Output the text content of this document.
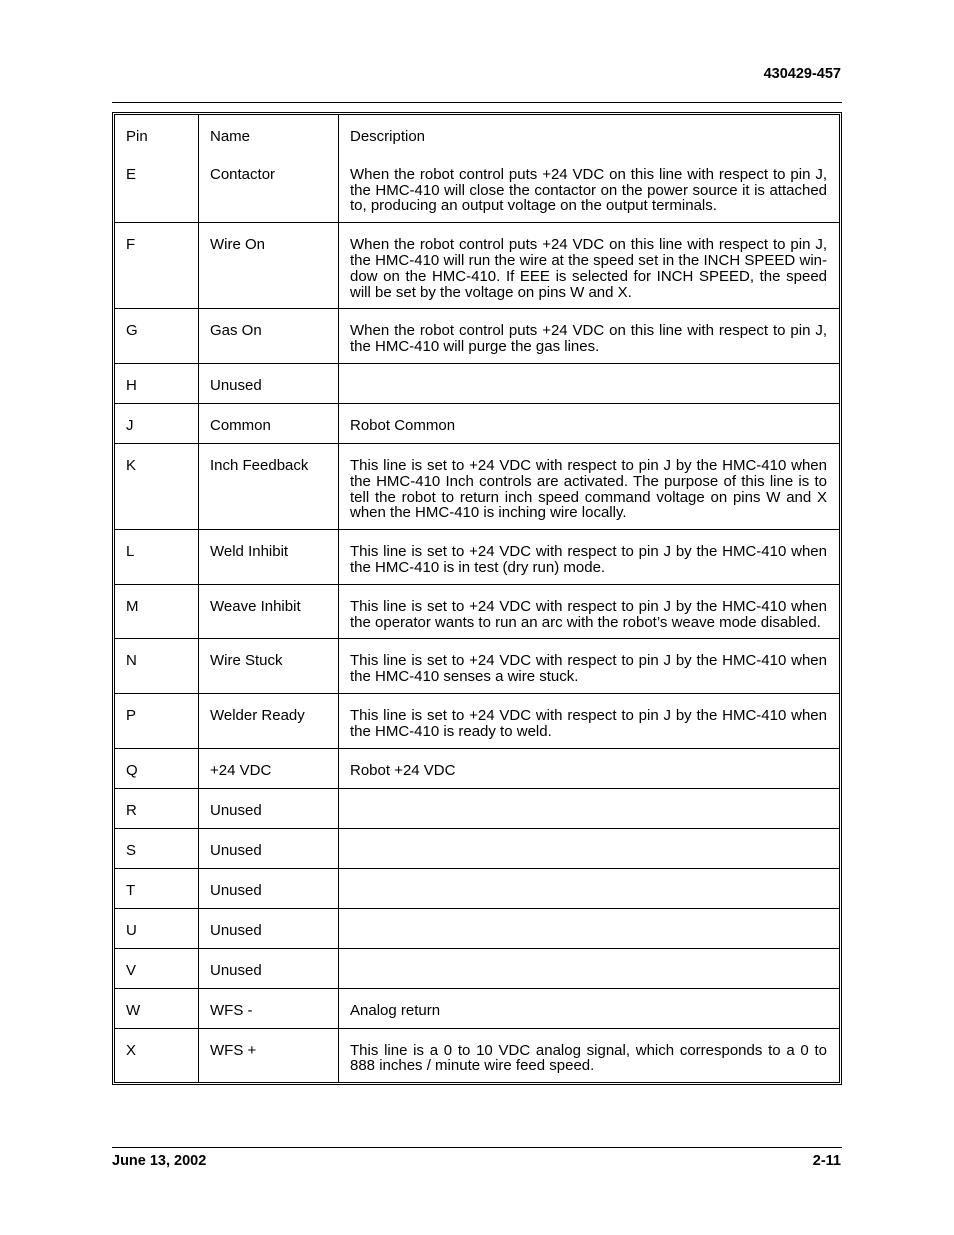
430429-457
Pin	Name	Description
E	Contactor	When the robot control puts +24 VDC on this line with respect to pin J, the HMC-410 will close the contactor on the power source it is attached to, producing an output voltage on the output terminals.
F	Wire On	When the robot control puts +24 VDC on this line with respect to pin J, the HMC-410 will run the wire at the speed set in the INCH SPEED win-dow on the HMC-410. If EEE is selected for INCH SPEED, the speed will be set by the voltage on pins W and X.
G	Gas On	When the robot control puts +24 VDC on this line with respect to pin J, the HMC-410 will purge the gas lines.
H	Unused	
J	Common	Robot Common
K	Inch Feedback	This line is set to +24 VDC with respect to pin J by the HMC-410 when the HMC-410 Inch controls are activated. The purpose of this line is to tell the robot to return inch speed command voltage on pins W and X when the HMC-410 is inching wire locally.
L	Weld Inhibit	This line is set to +24 VDC with respect to pin J by the HMC-410 when the HMC-410 is in test (dry run) mode.
M	Weave Inhibit	This line is set to +24 VDC with respect to pin J by the HMC-410 when the operator wants to run an arc with the robot’s weave mode disabled.
N	Wire Stuck	This line is set to +24 VDC with respect to pin J by the HMC-410 when the HMC-410 senses a wire stuck.
P	Welder Ready	This line is set to +24 VDC with respect to pin J by the HMC-410 when the HMC-410 is ready to weld.
Q	+24 VDC	Robot +24 VDC
R	Unused	
S	Unused	
T	Unused	
U	Unused	
V	Unused	
W	WFS -	Analog return
X	WFS +	This line is a 0 to 10 VDC analog signal, which corresponds to a 0 to 888 inches / minute wire feed speed.
June 13, 2002	2-11
